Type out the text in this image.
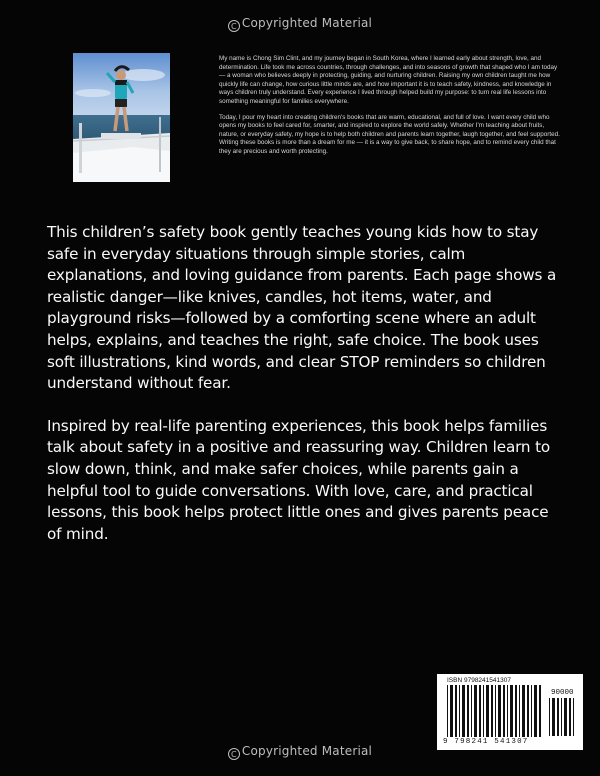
C Copyrighted Material

My name is Chong Sim Clint, and my journey began in South Korea, where I learned early about strength, love, and determination. Life took me across countries, through challenges, and into seasons of growth that shaped who I am today — a woman who believes deeply in protecting, guiding, and nurturing children. Raising my own children taught me how quickly life can change, how curious little minds are, and how important it is to teach safety, kindness, and knowledge in ways children truly understand. Every experience I lived through helped build my purpose: to turn real life lessons into something meaningful for families everywhere.

Today, I pour my heart into creating children's books that are warm, educational, and full of love. I want every child who opens my books to feel cared for, smarter, and inspired to explore the world safely. Whether I'm teaching about fruits, nature, or everyday safety, my hope is to help both children and parents learn together, laugh together, and feel supported. Writing these books is more than a dream for me — it is a way to give back, to share hope, and to remind every child that they are precious and worth protecting.

This children’s safety book gently teaches young kids how to stay safe in everyday situations through simple stories, calm explanations, and loving guidance from parents. Each page shows a realistic danger—like knives, candles, hot items, water, and playground risks—followed by a comforting scene where an adult helps, explains, and teaches the right, safe choice. The book uses soft illustrations, kind words, and clear STOP reminders so children understand without fear.

Inspired by real-life parenting experiences, this book helps families talk about safety in a positive and reassuring way. Children learn to slow down, think, and make safer choices, while parents gain a helpful tool to guide conversations. With love, care, and practical lessons, this book helps protect little ones and gives parents peace of mind.

ISBN 9798241541307
90000
9 798241 541307
C Copyrighted Material
